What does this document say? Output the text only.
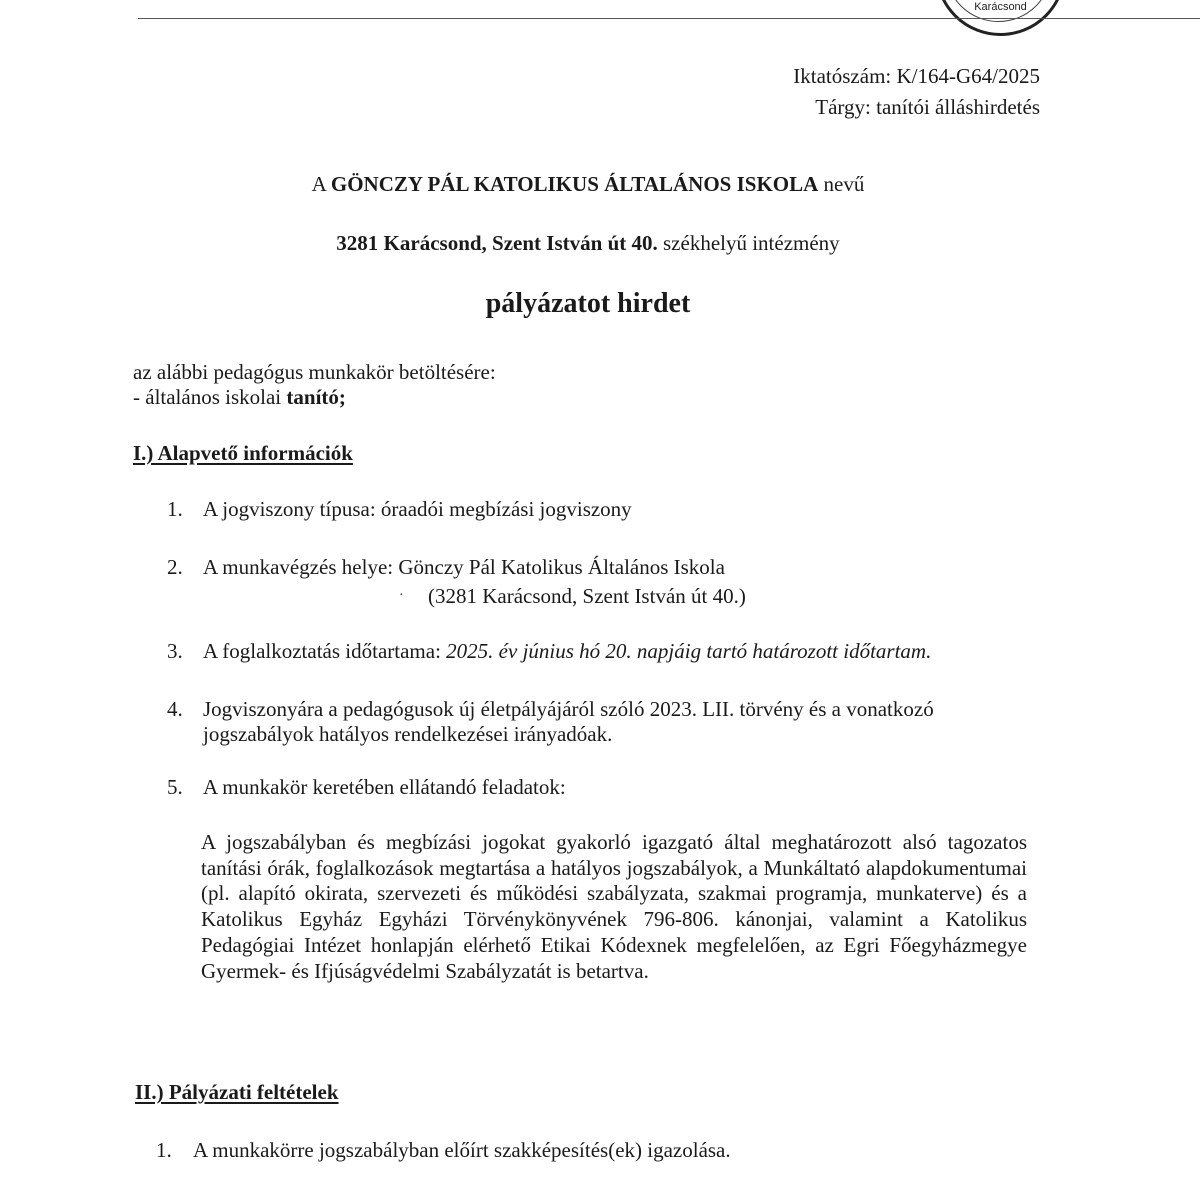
Karácsond
Iktatószám: K/164-G64/2025
Tárgy: tanítói álláshirdetés
A GÖNCZY PÁL KATOLIKUS ÁLTALÁNOS ISKOLA nevű
3281 Karácsond, Szent István út 40. székhelyű intézmény
pályázatot hirdet
az alábbi pedagógus munkakör betöltésére:
- általános iskolai tanító;
I.) Alapvető információk
1. A jogviszony típusa: óraadói megbízási jogviszony
2. A munkavégzés helye: Gönczy Pál Katolikus Általános Iskola
· (3281 Karácsond, Szent István út 40.)
3. A foglalkoztatás időtartama: 2025. év június hó 20. napjáig tartó határozott időtartam.
4. Jogviszonyára a pedagógusok új életpályájáról szóló 2023. LII. törvény és a vonatkozó
jogszabályok hatályos rendelkezései irányadóak.
5. A munkakör keretében ellátandó feladatok:
A jogszabályban és megbízási jogokat gyakorló igazgató által meghatározott alsó tagozatos tanítási órák, foglalkozások megtartása a hatályos jogszabályok, a Munkáltató alapdokumentumai (pl. alapító okirata, szervezeti és működési szabályzata, szakmai programja, munkaterve) és a Katolikus Egyház Egyházi Törvénykönyvének 796-806. kánonjai, valamint a Katolikus Pedagógiai Intézet honlapján elérhető Etikai Kódexnek megfelelően, az Egri Főegyházmegye Gyermek- és Ifjúságvédelmi Szabályzatát is betartva.
II.) Pályázati feltételek
1. A munkakörre jogszabályban előírt szakképesítés(ek) igazolása.
